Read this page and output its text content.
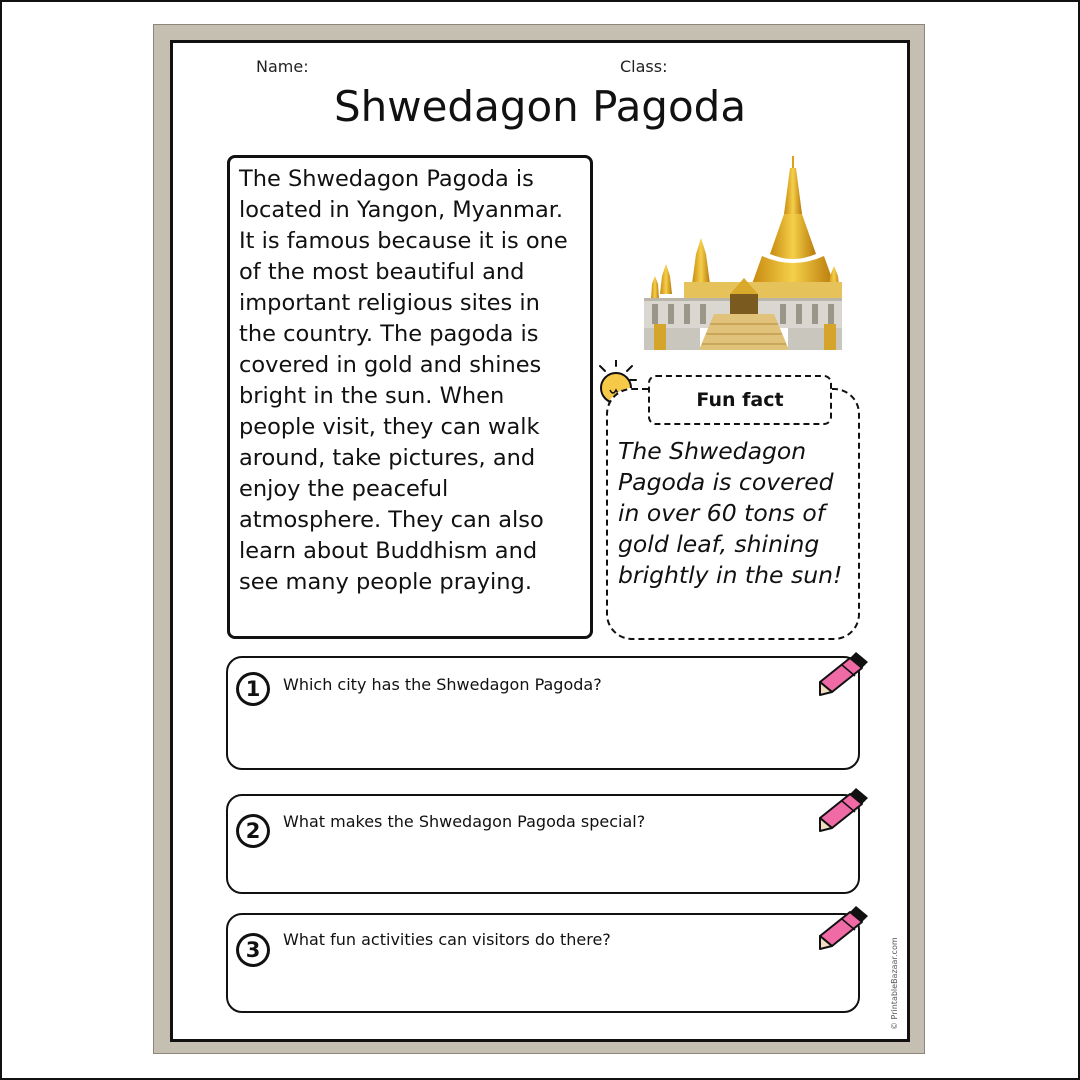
Name:	Class:
Shwedagon Pagoda
The Shwedagon Pagoda is located in Yangon, Myanmar. It is famous because it is one of the most beautiful and important religious sites in the country. The pagoda is covered in gold and shines bright in the sun. When people visit, they can walk around, take pictures, and enjoy the peaceful atmosphere. They can also learn about Buddhism and see many people praying.
Fun fact
The Shwedagon Pagoda is covered in over 60 tons of gold leaf, shining brightly in the sun!
1	Which city has the Shwedagon Pagoda?
2	What makes the Shwedagon Pagoda special?
3	What fun activities can visitors do there?	© PrintableBazaar.com
